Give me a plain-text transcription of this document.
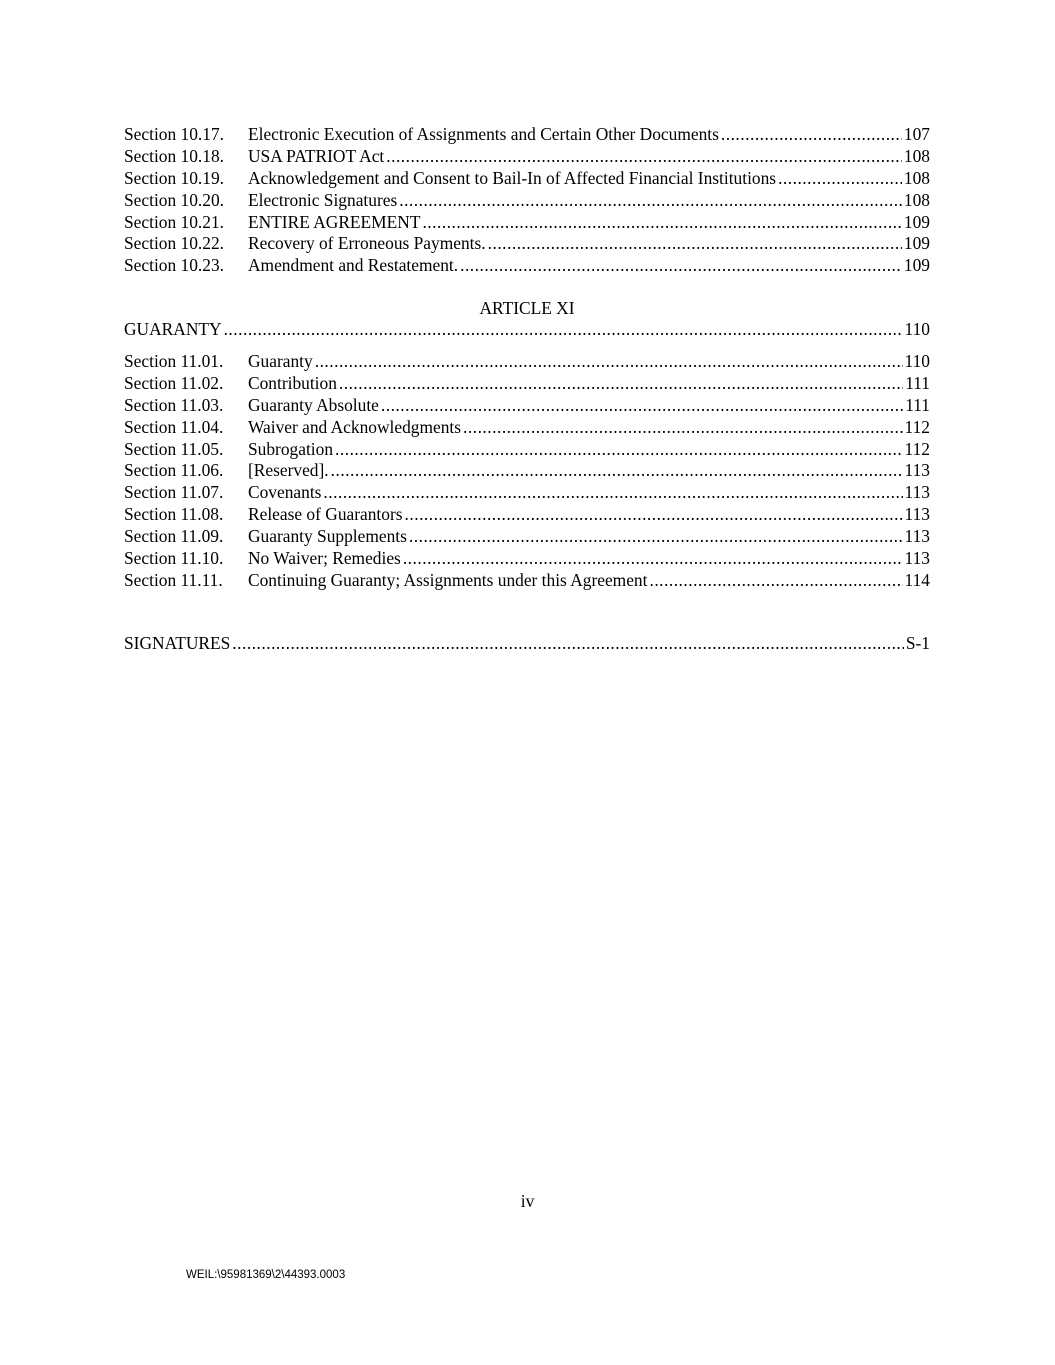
Section 10.17.	Electronic Execution of Assignments and Certain Other Documents .....	107
Section 10.18.	USA PATRIOT Act .....	108
Section 10.19.	Acknowledgement and Consent to Bail-In of Affected Financial Institutions .....	108
Section 10.20.	Electronic Signatures .....	108
Section 10.21.	ENTIRE AGREEMENT .....	109
Section 10.22.	Recovery of Erroneous Payments. .....	109
Section 10.23.	Amendment and Restatement. .....	109
ARTICLE XI
GUARANTY .....	110
Section 11.01.	Guaranty .....	110
Section 11.02.	Contribution .....	111
Section 11.03.	Guaranty Absolute .....	111
Section 11.04.	Waiver and Acknowledgments .....	112
Section 11.05.	Subrogation .....	112
Section 11.06.	[Reserved]. .....	113
Section 11.07.	Covenants .....	113
Section 11.08.	Release of Guarantors .....	113
Section 11.09.	Guaranty Supplements .....	113
Section 11.10.	No Waiver; Remedies .....	113
Section 11.11.	Continuing Guaranty; Assignments under this Agreement .....	114
SIGNATURES .....	S-1
iv
WEIL:\95981369\2\44393.0003
